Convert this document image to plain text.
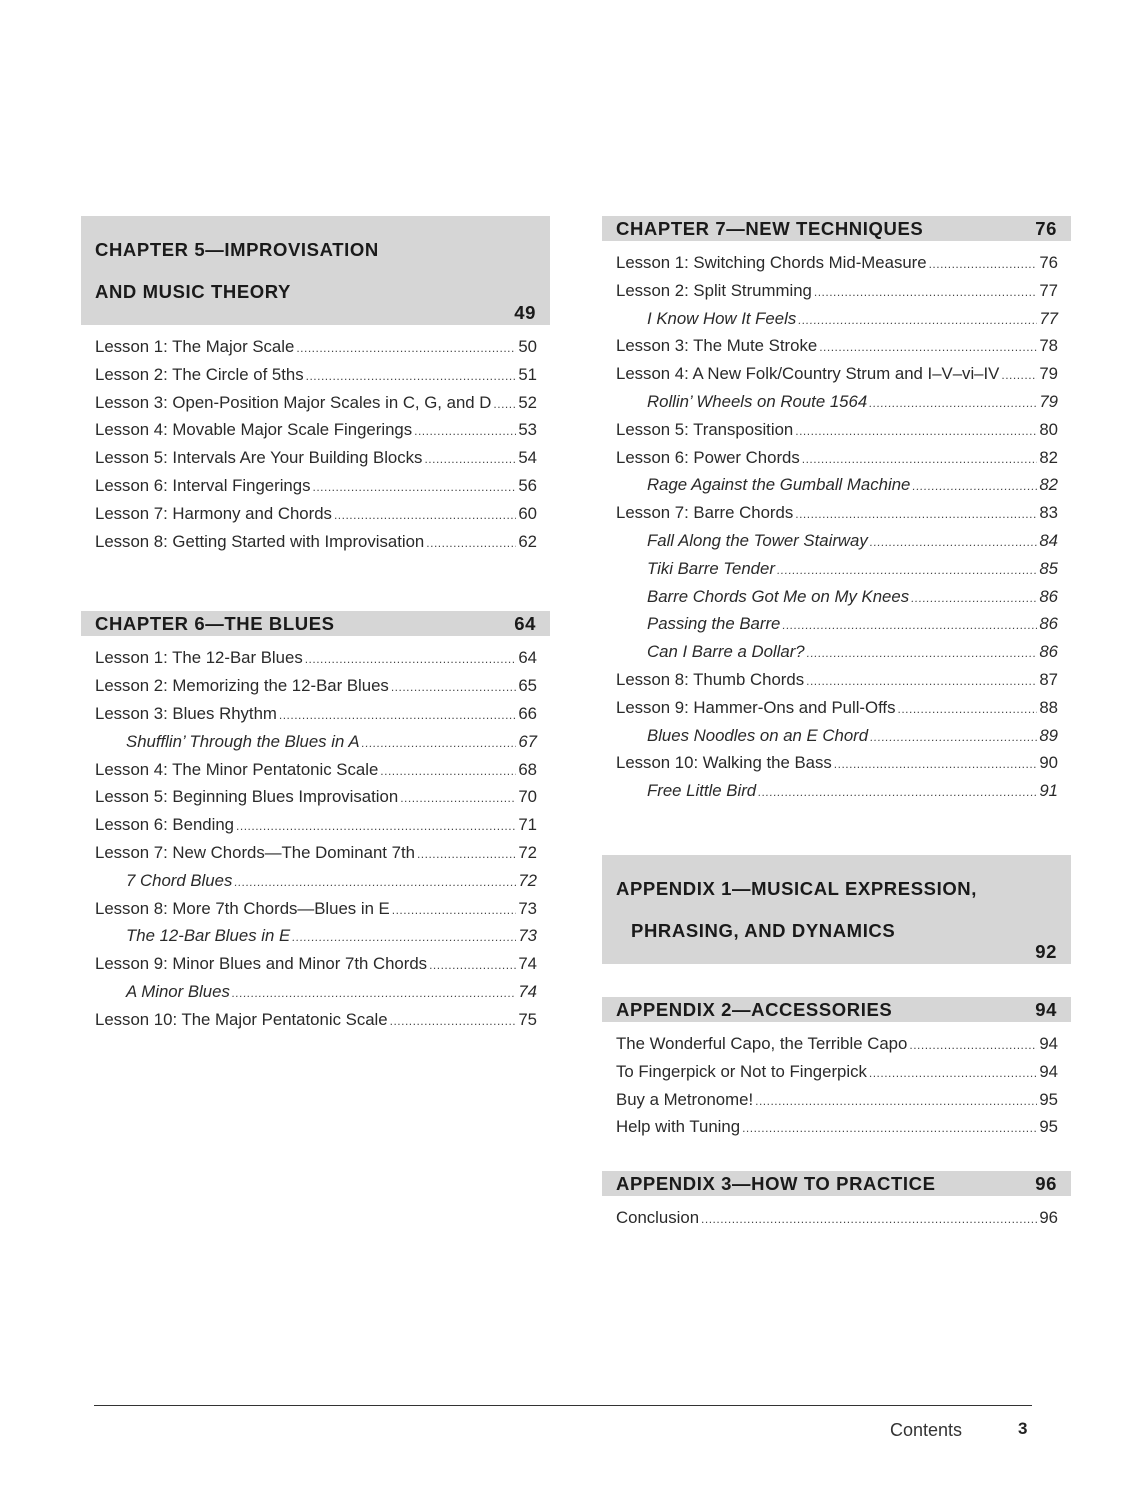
CHAPTER 5—IMPROVISATION

AND MUSIC THEORY

49
Lesson 1: The Major Scale .....	50
Lesson 2: The Circle of 5ths .....	51
Lesson 3: Open-Position Major Scales in C, G, and D ..... 52
Lesson 4: Movable Major Scale Fingerings .....	53
Lesson 5: Intervals Are Your Building Blocks .....	54
Lesson 6: Interval Fingerings .....	56
Lesson 7: Harmony and Chords .....	60
Lesson 8: Getting Started with Improvisation .....	62
CHAPTER 6—THE BLUES	64
Lesson 1: The 12-Bar Blues .....	64
Lesson 2: Memorizing the 12-Bar Blues .....	65
Lesson 3: Blues Rhythm .....	66
Shufflin’ Through the Blues in A .....	67
Lesson 4: The Minor Pentatonic Scale .....	68
Lesson 5: Beginning Blues Improvisation .....	70
Lesson 6: Bending .....	71
Lesson 7: New Chords—The Dominant 7th .....	72
7 Chord Blues .....	72
Lesson 8: More 7th Chords—Blues in E .....	73
The 12-Bar Blues in E .....	73
Lesson 9: Minor Blues and Minor 7th Chords .....	74
A Minor Blues .....	74
Lesson 10: The Major Pentatonic Scale .....	75
CHAPTER 7—NEW TECHNIQUES	76
Lesson 1: Switching Chords Mid-Measure .....	76
Lesson 2: Split Strumming .....	77
I Know How It Feels .....	77
Lesson 3: The Mute Stroke .....	78
Lesson 4: A New Folk/Country Strum and I–V–vi–IV ..... 79
Rollin’ Wheels on Route 1564 .....	79
Lesson 5: Transposition .....	80
Lesson 6: Power Chords .....	82
Rage Against the Gumball Machine .....	82
Lesson 7: Barre Chords .....	83
Fall Along the Tower Stairway .....	84
Tiki Barre Tender .....	85
Barre Chords Got Me on My Knees .....	86
Passing the Barre .....	86
Can I Barre a Dollar? .....	86
Lesson 8: Thumb Chords .....	87
Lesson 9: Hammer-Ons and Pull-Offs .....	88
Blues Noodles on an E Chord .....	89
Lesson 10: Walking the Bass .....	90
Free Little Bird .....	91

APPENDIX 1—MUSICAL EXPRESSION,

PHRASING, AND DYNAMICS

92
APPENDIX 2—ACCESSORIES	94
The Wonderful Capo, the Terrible Capo .....	94
To Fingerpick or Not to Fingerpick .....	94
Buy a Metronome! .....	95
Help with Tuning .....	95
APPENDIX 3—HOW TO PRACTICE	96
Conclusion .....	96
Contents	3
